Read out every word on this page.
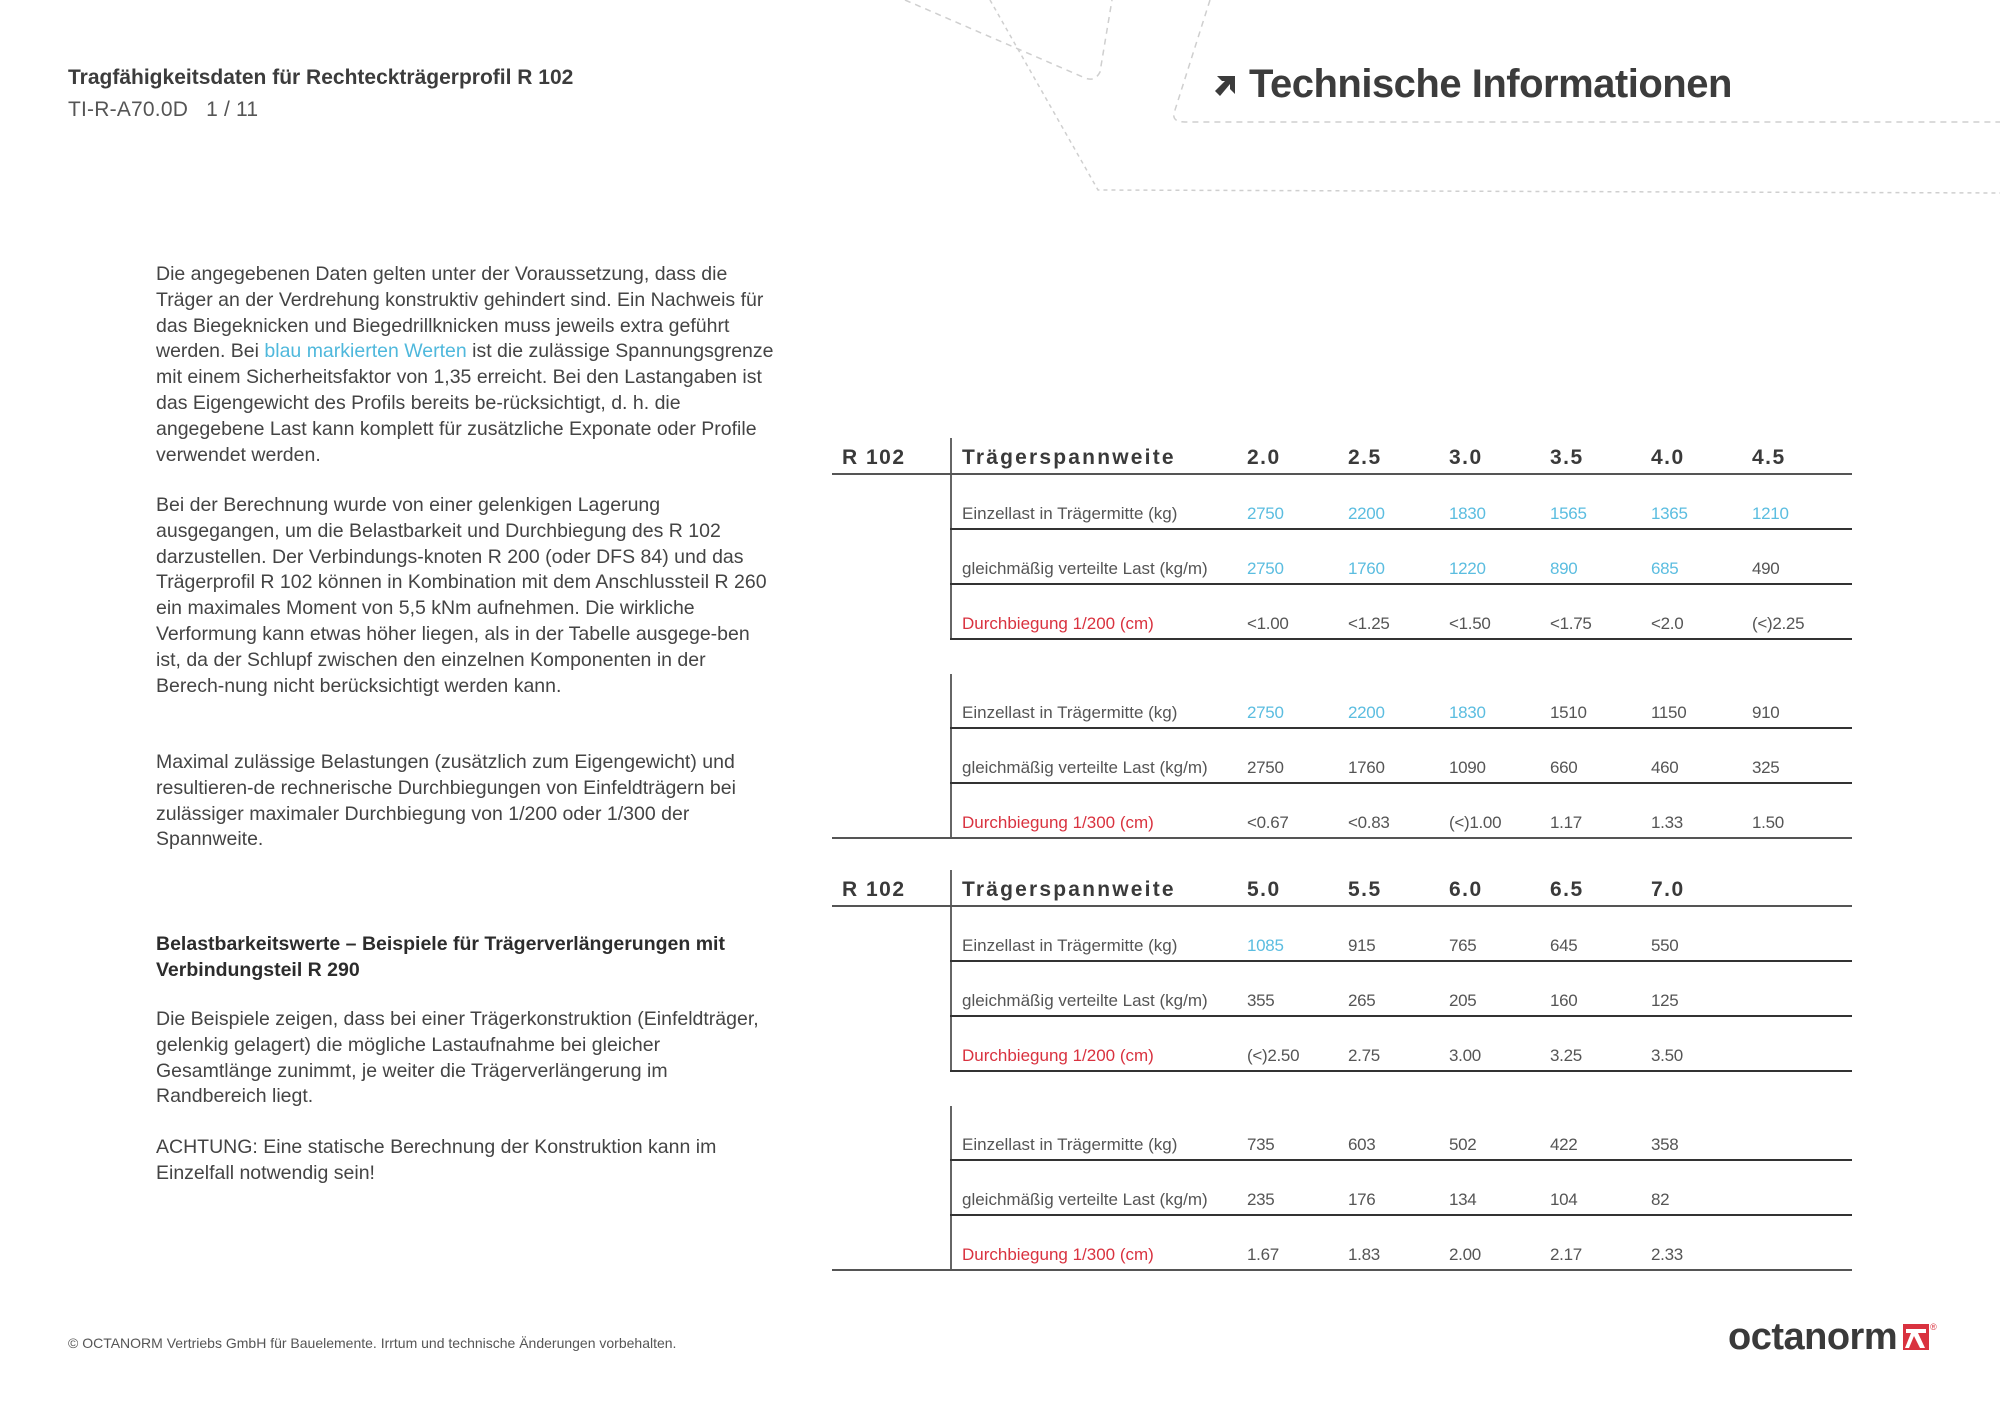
Tragfähigkeitsdaten für Rechteckträgerprofil R 102
TI-R-A70.0D 1 / 11
Technische Informationen
Die angegebenen Daten gelten unter der Voraussetzung, dass die Träger an der Verdrehung konstruktiv gehindert sind. Ein Nachweis für das Biegeknicken und Biegedrillknicken muss jeweils extra geführt werden. Bei blau markierten Werten ist die zulässige Spannungsgrenze mit einem Sicherheitsfaktor von 1,35 erreicht. Bei den Lastangaben ist das Eigengewicht des Profils bereits be-rücksichtigt, d. h. die angegebene Last kann komplett für zusätzliche Exponate oder Profile verwendet werden.
Bei der Berechnung wurde von einer gelenkigen Lagerung ausgegangen, um die Belastbarkeit und Durchbiegung des R 102 darzustellen. Der Verbindungs-knoten R 200 (oder DFS 84) und das Trägerprofil R 102 können in Kombination mit dem Anschlussteil R 260 ein maximales Moment von 5,5 kNm aufnehmen. Die wirkliche Verformung kann etwas höher liegen, als in der Tabelle ausgege-ben ist, da der Schlupf zwischen den einzelnen Komponenten in der Berech-nung nicht berücksichtigt werden kann.
Maximal zulässige Belastungen (zusätzlich zum Eigengewicht) und resultieren-de rechnerische Durchbiegungen von Einfeldträgern bei zulässiger maximaler Durchbiegung von 1/200 oder 1/300 der Spannweite.
Belastbarkeitswerte – Beispiele für Trägerverlängerungen mit Verbindungsteil R 290
Die Beispiele zeigen, dass bei einer Trägerkonstruktion (Einfeldträger, gelenkig gelagert) die mögliche Lastaufnahme bei gleicher Gesamtlänge zunimmt, je weiter die Trägerverlängerung im Randbereich liegt.
ACHTUNG: Eine statische Berechnung der Konstruktion kann im Einzelfall notwendig sein!
R 102	Trägerspannweite	2.0	2.5	3.0	3.5	4.0	4.5
Einzellast in Trägermitte (kg)	2750	2200	1830	1565	1365	1210
gleichmäßig verteilte Last (kg/m) 2750	1760	1220	890	685	490
Durchbiegung 1/200 (cm)	<1.00	<1.25	<1.50	<1.75	<2.0	(<)2.25
Einzellast in Trägermitte (kg)	2750	2200	1830	1510	1150	910
gleichmäßig verteilte Last (kg/m) 2750	1760	1090	660	460	325
Durchbiegung 1/300 (cm)	<0.67	<0.83	(<)1.00	1.17	1.33	1.50
R 102	Trägerspannweite	5.0	5.5	6.0	6.5	7.0
Einzellast in Trägermitte (kg)	1085	915	765	645	550
gleichmäßig verteilte Last (kg/m) 355	265	205	160	125
Durchbiegung 1/200 (cm)	(<)2.50	2.75	3.00	3.25	3.50
Einzellast in Trägermitte (kg)	735	603	502	422	358
gleichmäßig verteilte Last (kg/m) 235	176	134	104	82
Durchbiegung 1/300 (cm)	1.67	1.83	2.00	2.17	2.33
© OCTANORM Vertriebs GmbH für Bauelemente. Irrtum und technische Änderungen vorbehalten.	octanorm	®
